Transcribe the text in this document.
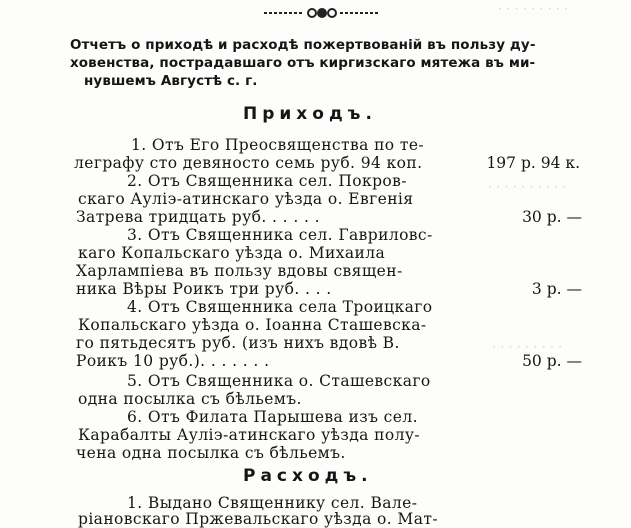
· · · · · · · · ·
· · · · · · · · · ·
· · · · · · · · ·
Отчетъ о приходѣ и расходѣ пожертвованій въ пользу ду-
ховенства, пострадавшаго отъ киргизскаго мятежа въ ми-
нувшемъ Августѣ с. г.
Приходъ.
1. Отъ Его Преосвященства по те-
леграфу сто девяносто семь руб. 94 коп.	197 р. 94 к.
2. Отъ Священника сел. Покров-
скаго Ауліэ-атинскаго уѣзда о. Евгенія
Затрева тридцать руб. . . . . .	30 р. —
3. Отъ Священника сел. Гавриловс-
каго Копальскаго уѣзда о. Михаила
Харлампіева въ пользу вдовы священ-
ника Вѣры Роикъ три руб. . . .	3 р. —
4. Отъ Священника села Троицкаго
Копальскаго уѣзда о. Іоанна Сташевска-
го пятьдесятъ руб. (изъ нихъ вдовѣ В.
Роикъ 10 руб.). . . . . . .	50 р. —
5. Отъ Священника о. Сташевскаго
одна посылка съ бѣльемъ.
6. Отъ Филата Парышева изъ сел.
Карабалты Ауліэ-атинскаго уѣзда полу-
чена одна посылка съ бѣльемъ.
Расходъ.
1. Выдано Священнику сел. Вале-
ріановскаго Пржевальскаго уѣзда о. Мат-
